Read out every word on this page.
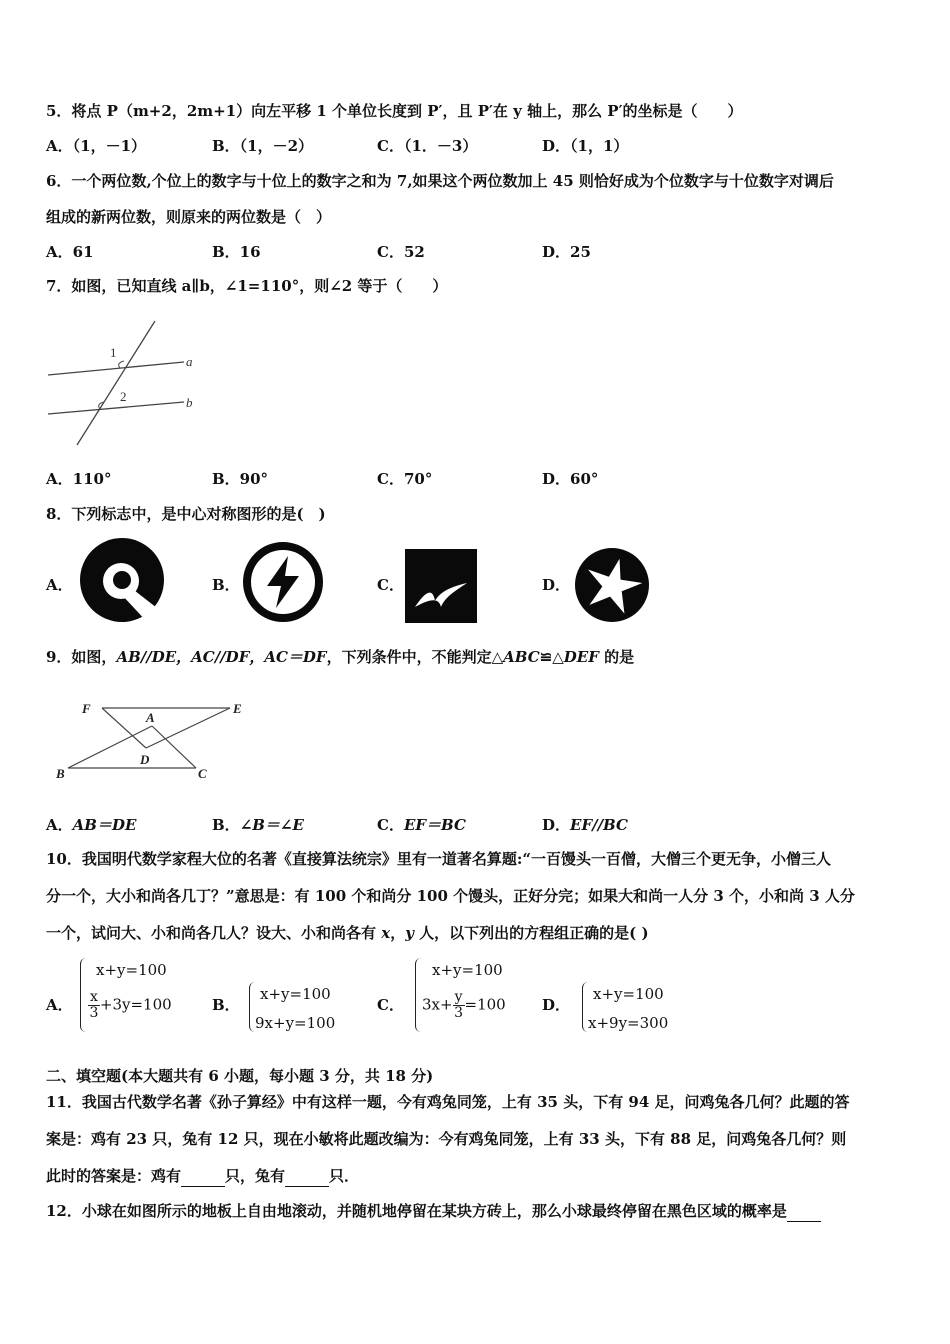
5．将点 P（m+2，2m+1）向左平移 1 个单位长度到 P′，且 P′在 y 轴上，那么 P′的坐标是（　　）
A．（1，－1）	B．（1，－2）	C．（1．－3）	D．（1，1）
6．一个两位数,个位上的数字与十位上的数字之和为 7,如果这个两位数加上 45 则恰好成为个位数字与十位数字对调后
组成的新两位数，则原来的两位数是（　）
A．61	B．16	C．52	D．25
7．如图，已知直线 a∥b，∠1=110°，则∠2 等于（　　）
1
2
a
b
A．110°	B．90°	C．70°	D．60°
8．下列标志中，是中心对称图形的是(　)
A．	B．	C．	D．
9．如图，AB//DE，AC//DF，AC＝DF，下列条件中，不能判定△ABC≌△DEF 的是
F
A
E
B
D
C
A．AB＝DE	B．∠B＝∠E	C．EF＝BC	D．EF//BC
10．我国明代数学家程大位的名著《直接算法统宗》里有一道著名算题:“一百馒头一百僧，大僧三个更无争，小僧三人
分一个，大小和尚各几丁？”意思是：有 100 个和尚分 100 个馒头，正好分完；如果大和尚一人分 3 个，小和尚 3 人分
一个，试问大、小和尚各几人？设大、小和尚各有 x，y 人，以下列出的方程组正确的是( )
A．
x+y=100
$\frac{x}{3} +3y=100$	B．
x+y=100
9x+y=100
C．
x+y=100
$3x+ \frac{y}{3} =100$ D．
x+y=100
x+9y=300
二、填空题(本大题共有 6 小题，每小题 3 分，共 18 分)
11．我国古代数学名著《孙子算经》中有这样一题，今有鸡兔同笼，上有 35 头，下有 94 足，问鸡兔各几何？此题的答
案是：鸡有 23 只，兔有 12 只，现在小敏将此题改编为：今有鸡兔同笼，上有 33 头，下有 88 足，问鸡兔各几何？则
此时的答案是：鸡有	只，兔有	只．
12．小球在如图所示的地板上自由地滚动，并随机地停留在某块方砖上，那么小球最终停留在黑色区域的概率是
